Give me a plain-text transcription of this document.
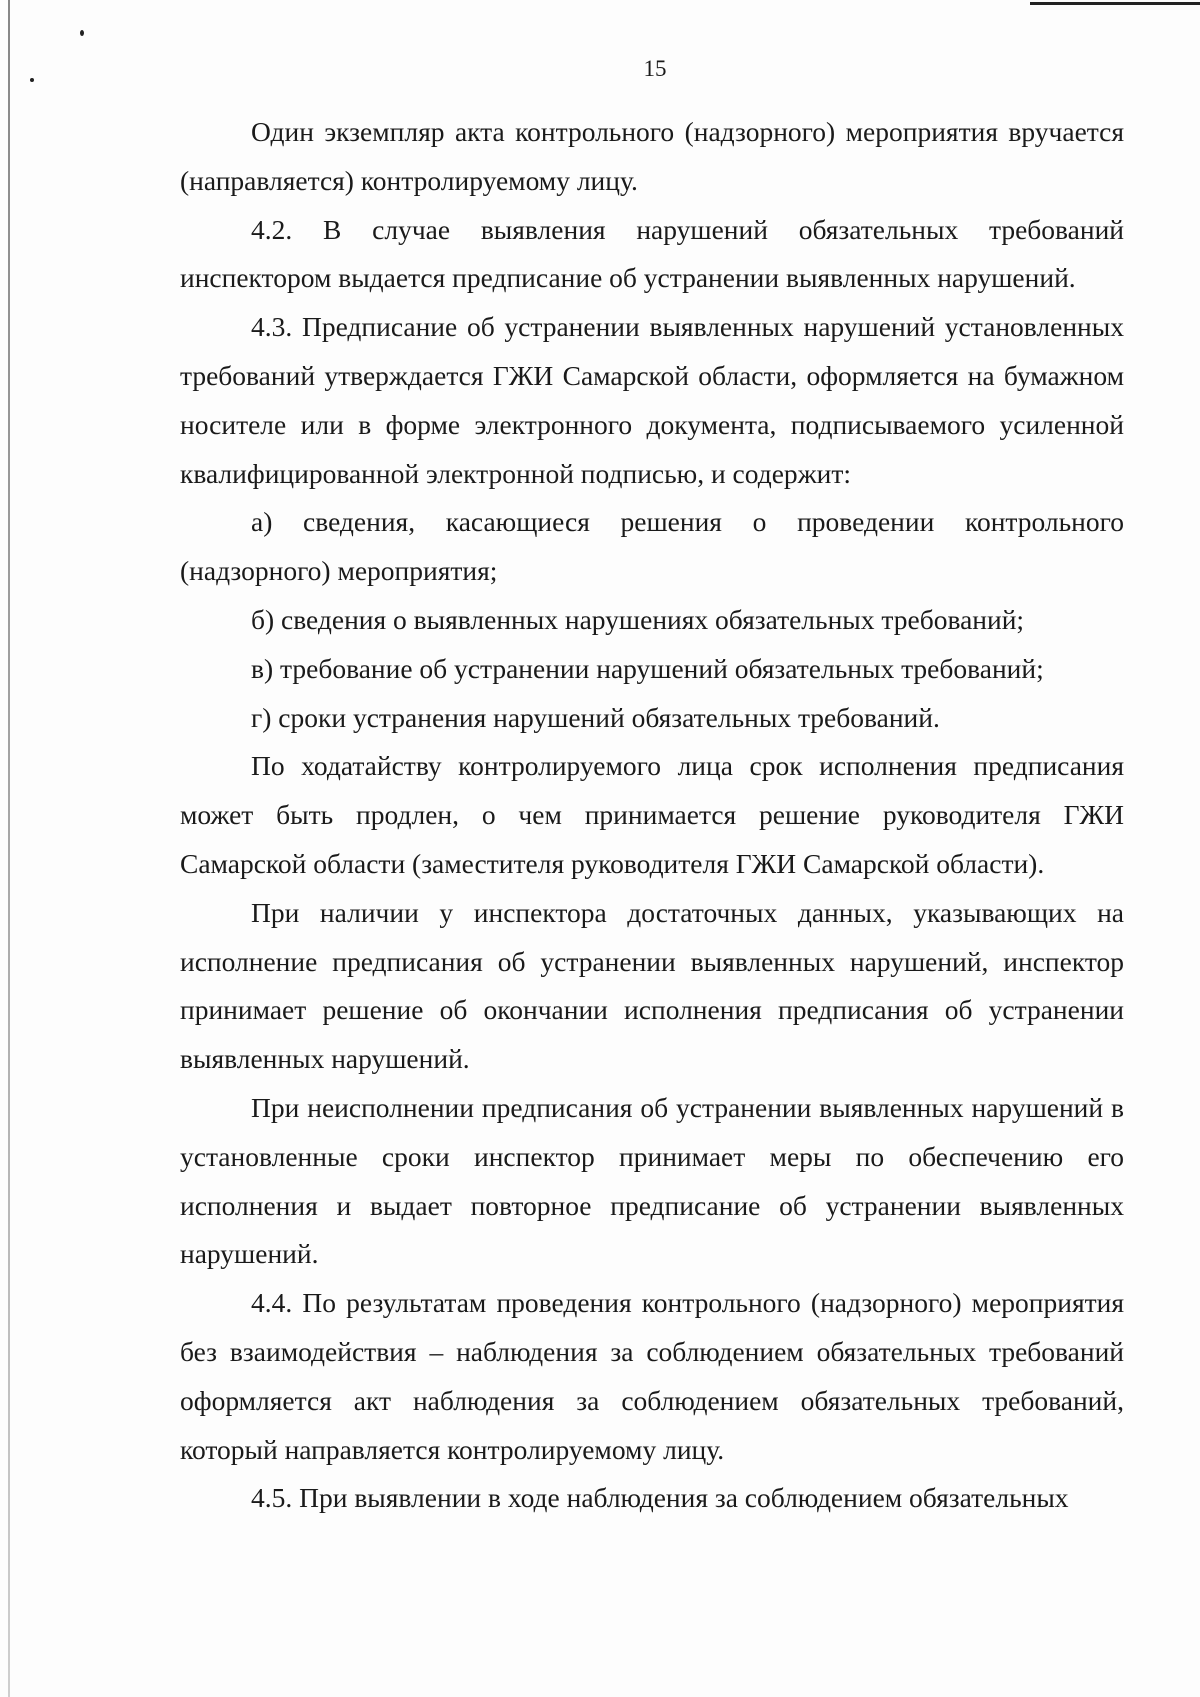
15

Один экземпляр акта контрольного (надзорного) мероприятия вручается (направляется) контролируемому лицу.

4.2. В случае выявления нарушений обязательных требований инспектором выдается предписание об устранении выявленных нарушений.

4.3. Предписание об устранении выявленных нарушений установленных требований утверждается ГЖИ Самарской области, оформляется на бумажном носителе или в форме электронного документа, подписываемого усиленной квалифицированной электронной подписью, и содержит:

а) сведения, касающиеся решения о проведении контрольного (надзорного) мероприятия;

б) сведения о выявленных нарушениях обязательных требований;

в) требование об устранении нарушений обязательных требований;

г) сроки устранения нарушений обязательных требований.

По ходатайству контролируемого лица срок исполнения предписания может быть продлен, о чем принимается решение руководителя ГЖИ Самарской области (заместителя руководителя ГЖИ Самарской области).

При наличии у инспектора достаточных данных, указывающих на исполнение предписания об устранении выявленных нарушений, инспектор принимает решение об окончании исполнения предписания об устранении выявленных нарушений.

При неисполнении предписания об устранении выявленных нарушений в установленные сроки инспектор принимает меры по обеспечению его исполнения и выдает повторное предписание об устранении выявленных нарушений.

4.4. По результатам проведения контрольного (надзорного) мероприятия без взаимодействия – наблюдения за соблюдением обязательных требований оформляется акт наблюдения за соблюдением обязательных требований, который направляется контролируемому лицу.

4.5. При выявлении в ходе наблюдения за соблюдением обязательных
